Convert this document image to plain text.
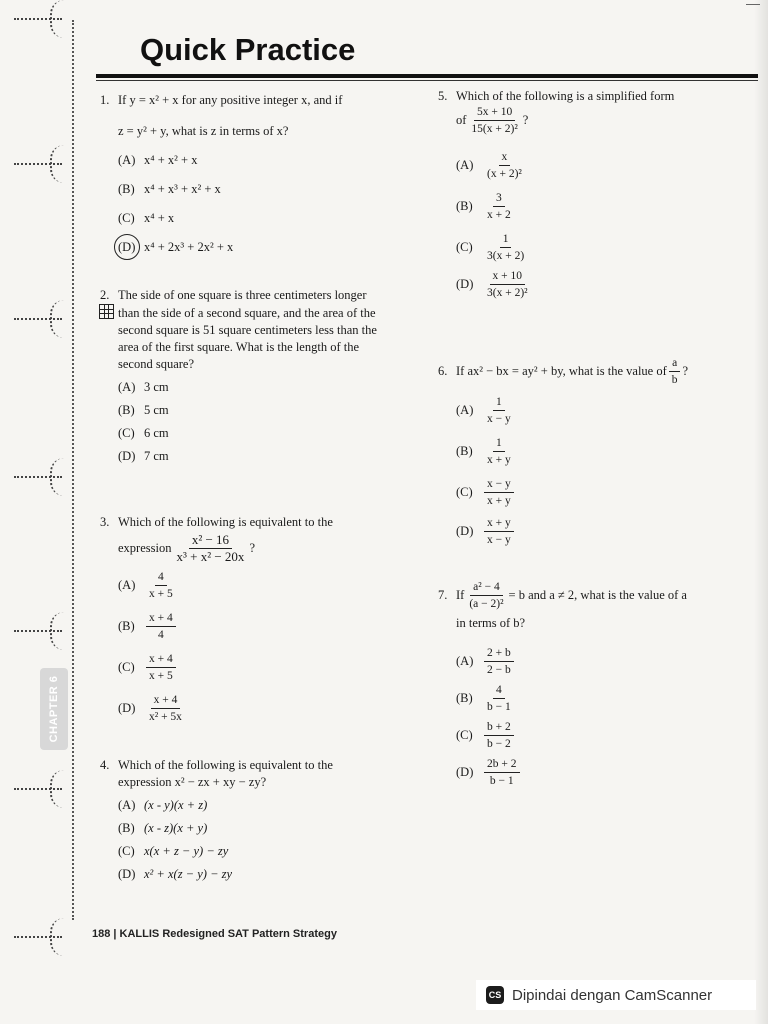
CHAPTER 6
Quick Practice
1. If y = x² + x for any positive integer x, and if
z = y² + y, what is z in terms of x?
(A) x⁴ + x² + x
(B) x⁴ + x³ + x² + x
(C) x⁴ + x
(D) x⁴ + 2x³ + 2x² + x
2. The side of one square is three centimeters longer
than the side of a second square, and the area of the
second square is 51 square centimeters less than the
area of the first square. What is the length of the
second square?
(A) 3 cm
(B) 5 cm
(C) 6 cm
(D) 7 cm
3. Which of the following is equivalent to the
expression $\frac{\text{x² − 16}}{\text{x³ + x² − 20x}}$ ?
$(A) \frac{4}{x + 5}$
$(B) \frac{x + 4}{4}$
$(C) \frac{x + 4}{x + 5}$
$(D) \frac{x + 4}{\text{x² + 5x}}$
4. Which of the following is equivalent to the
expression x² − zx + xy − zy?
(A) (x - y)(x + z)
(B) (x - z)(x + y)
(C) x(x + z − y) − zy
(D) x² + x(z − y) − zy
5. Which of the following is a simplified form
of $\frac{5x + 10}{\text{15(x + 2)²}}$ ?
$(A) \frac{x}{\text{(x + 2)²}}$
$(B) \frac{3}{x + 2}$
$(C) \frac{1}{3(x + 2)}$
$(D) \frac{x + 10}{\text{3(x + 2)²}}$
6. If ax² − bx = ay² + by, what is the value of $\frac{a}{b}$ ?
$(A) \frac{1}{x - y}$
$(B) \frac{1}{x + y}$
$(C) \frac{x - y}{x + y}$
$(D) \frac{x + y}{x - y}$
7. If $\frac{\text{a² − 4}}{\text{(a − 2)²}} = b$ and a ≠ 2, what is the value of a
in terms of b?
$(A) \frac{2 + b}{2 - b}$
$(B) \frac{4}{b - 1}$
$(C) \frac{b + 2}{b - 2}$
$(D) \frac{2b + 2}{b - 1}$
188 | KALLIS Redesigned SAT Pattern Strategy
CS Dipindai dengan CamScanner
